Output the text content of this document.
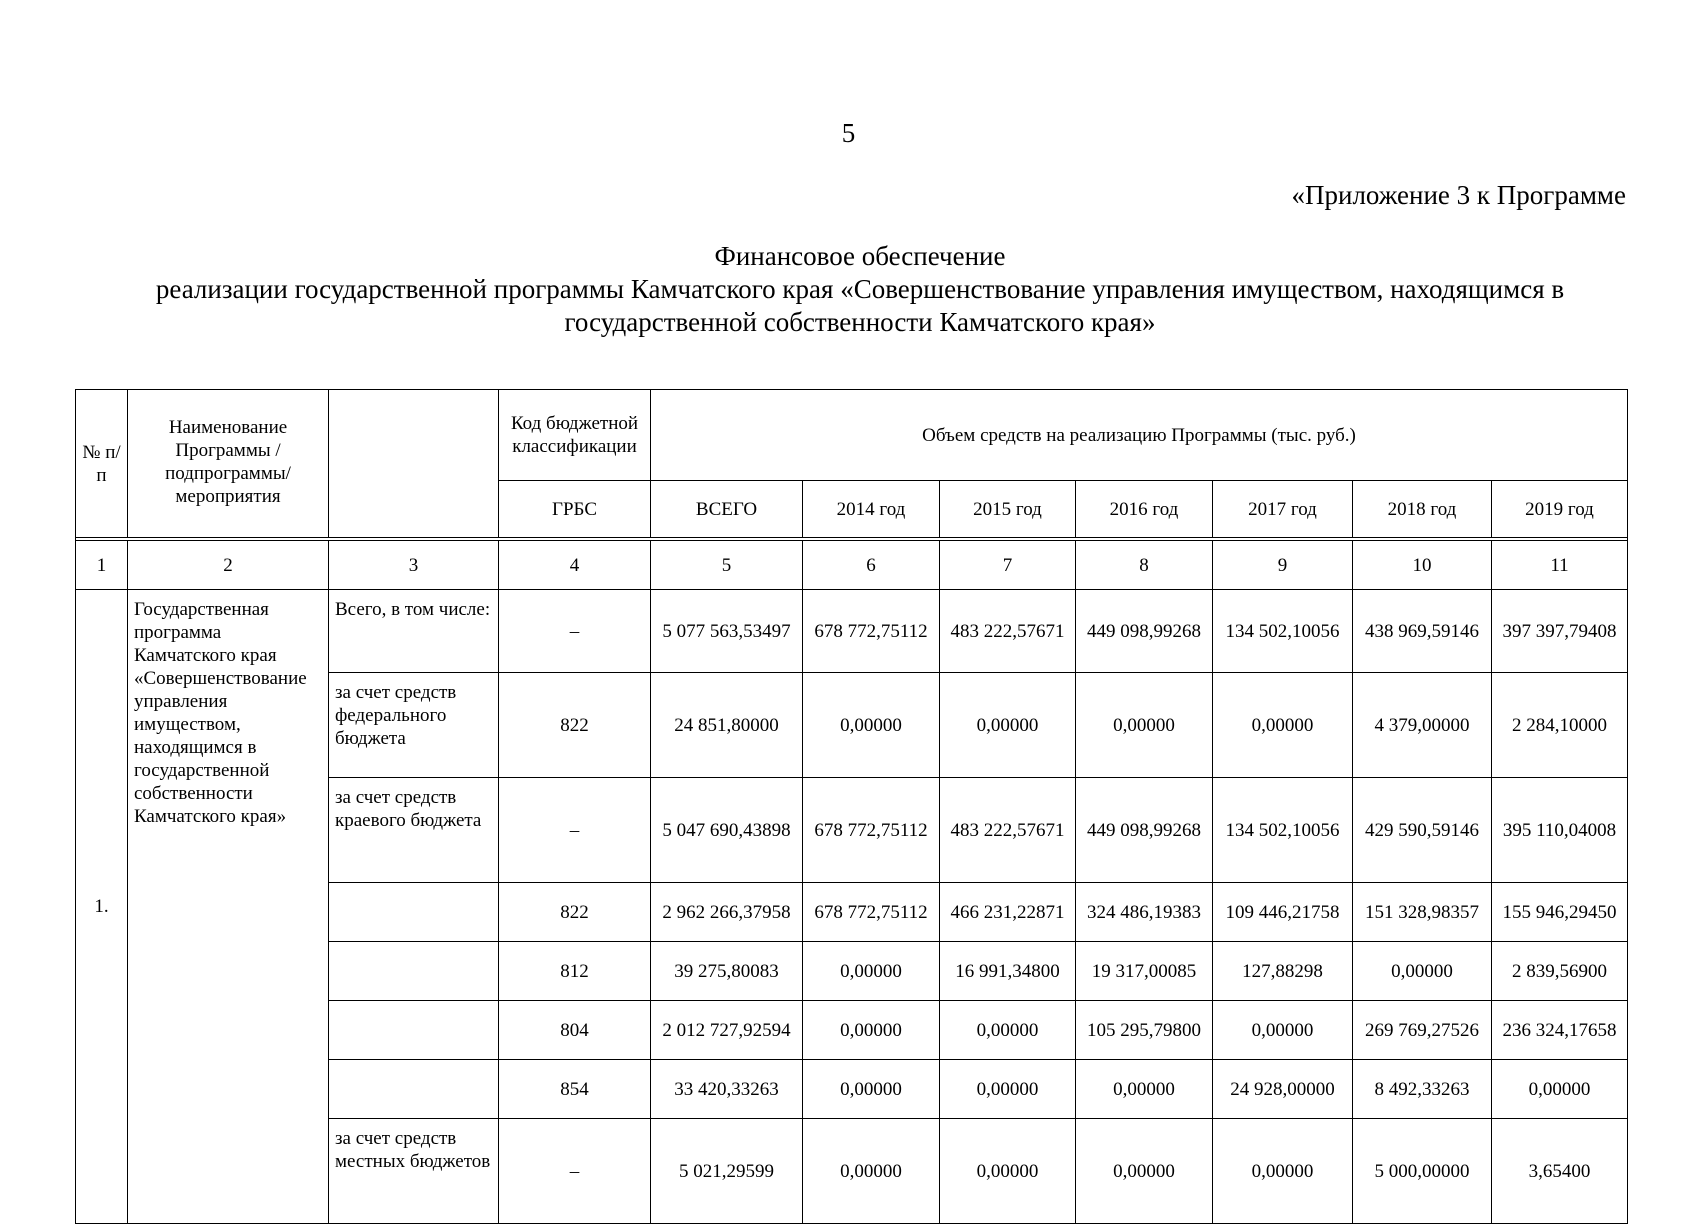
5
«Приложение 3 к Программе
Финансовое обеспечение
реализации государственной программы Камчатского края «Совершенствование управления имуществом, находящимся в
государственной собственности Камчатского края»
№ п/п	Наименование Программы /подпрограммы/ мероприятия		Код бюджетной классификации	Объем средств на реализацию Программы (тыс. руб.)						
			ГРБС	ВСЕГО	2014 год	2015 год	2016 год	2017 год	2018 год	2019 год

1	2	3	4	5	6	7	8	9	10	11
1.	Государственная программа Камчатского края «Совершенствование управления имуществом, находящимся в государственной собственности Камчатского края»	Всего, в том числе:	–	5 077 563,53497	678 772,75112	483 222,57671	449 098,99268	134 502,10056	438 969,59146	397 397,79408
		за счет средств федерального бюджета	822	24 851,80000	0,00000	0,00000	0,00000	0,00000	4 379,00000	2 284,10000
		за счет средств краевого бюджета	–	5 047 690,43898	678 772,75112	483 222,57671	449 098,99268	134 502,10056	429 590,59146	395 110,04008
			822	2 962 266,37958	678 772,75112	466 231,22871	324 486,19383	109 446,21758	151 328,98357	155 946,29450
			812	39 275,80083	0,00000	16 991,34800	19 317,00085	127,88298	0,00000	2 839,56900
			804	2 012 727,92594	0,00000	0,00000	105 295,79800	0,00000	269 769,27526	236 324,17658
			854	33 420,33263	0,00000	0,00000	0,00000	24 928,00000	8 492,33263	0,00000
		за счет средств местных бюджетов	–	5 021,29599	0,00000	0,00000	0,00000	0,00000	5 000,00000	3,65400
